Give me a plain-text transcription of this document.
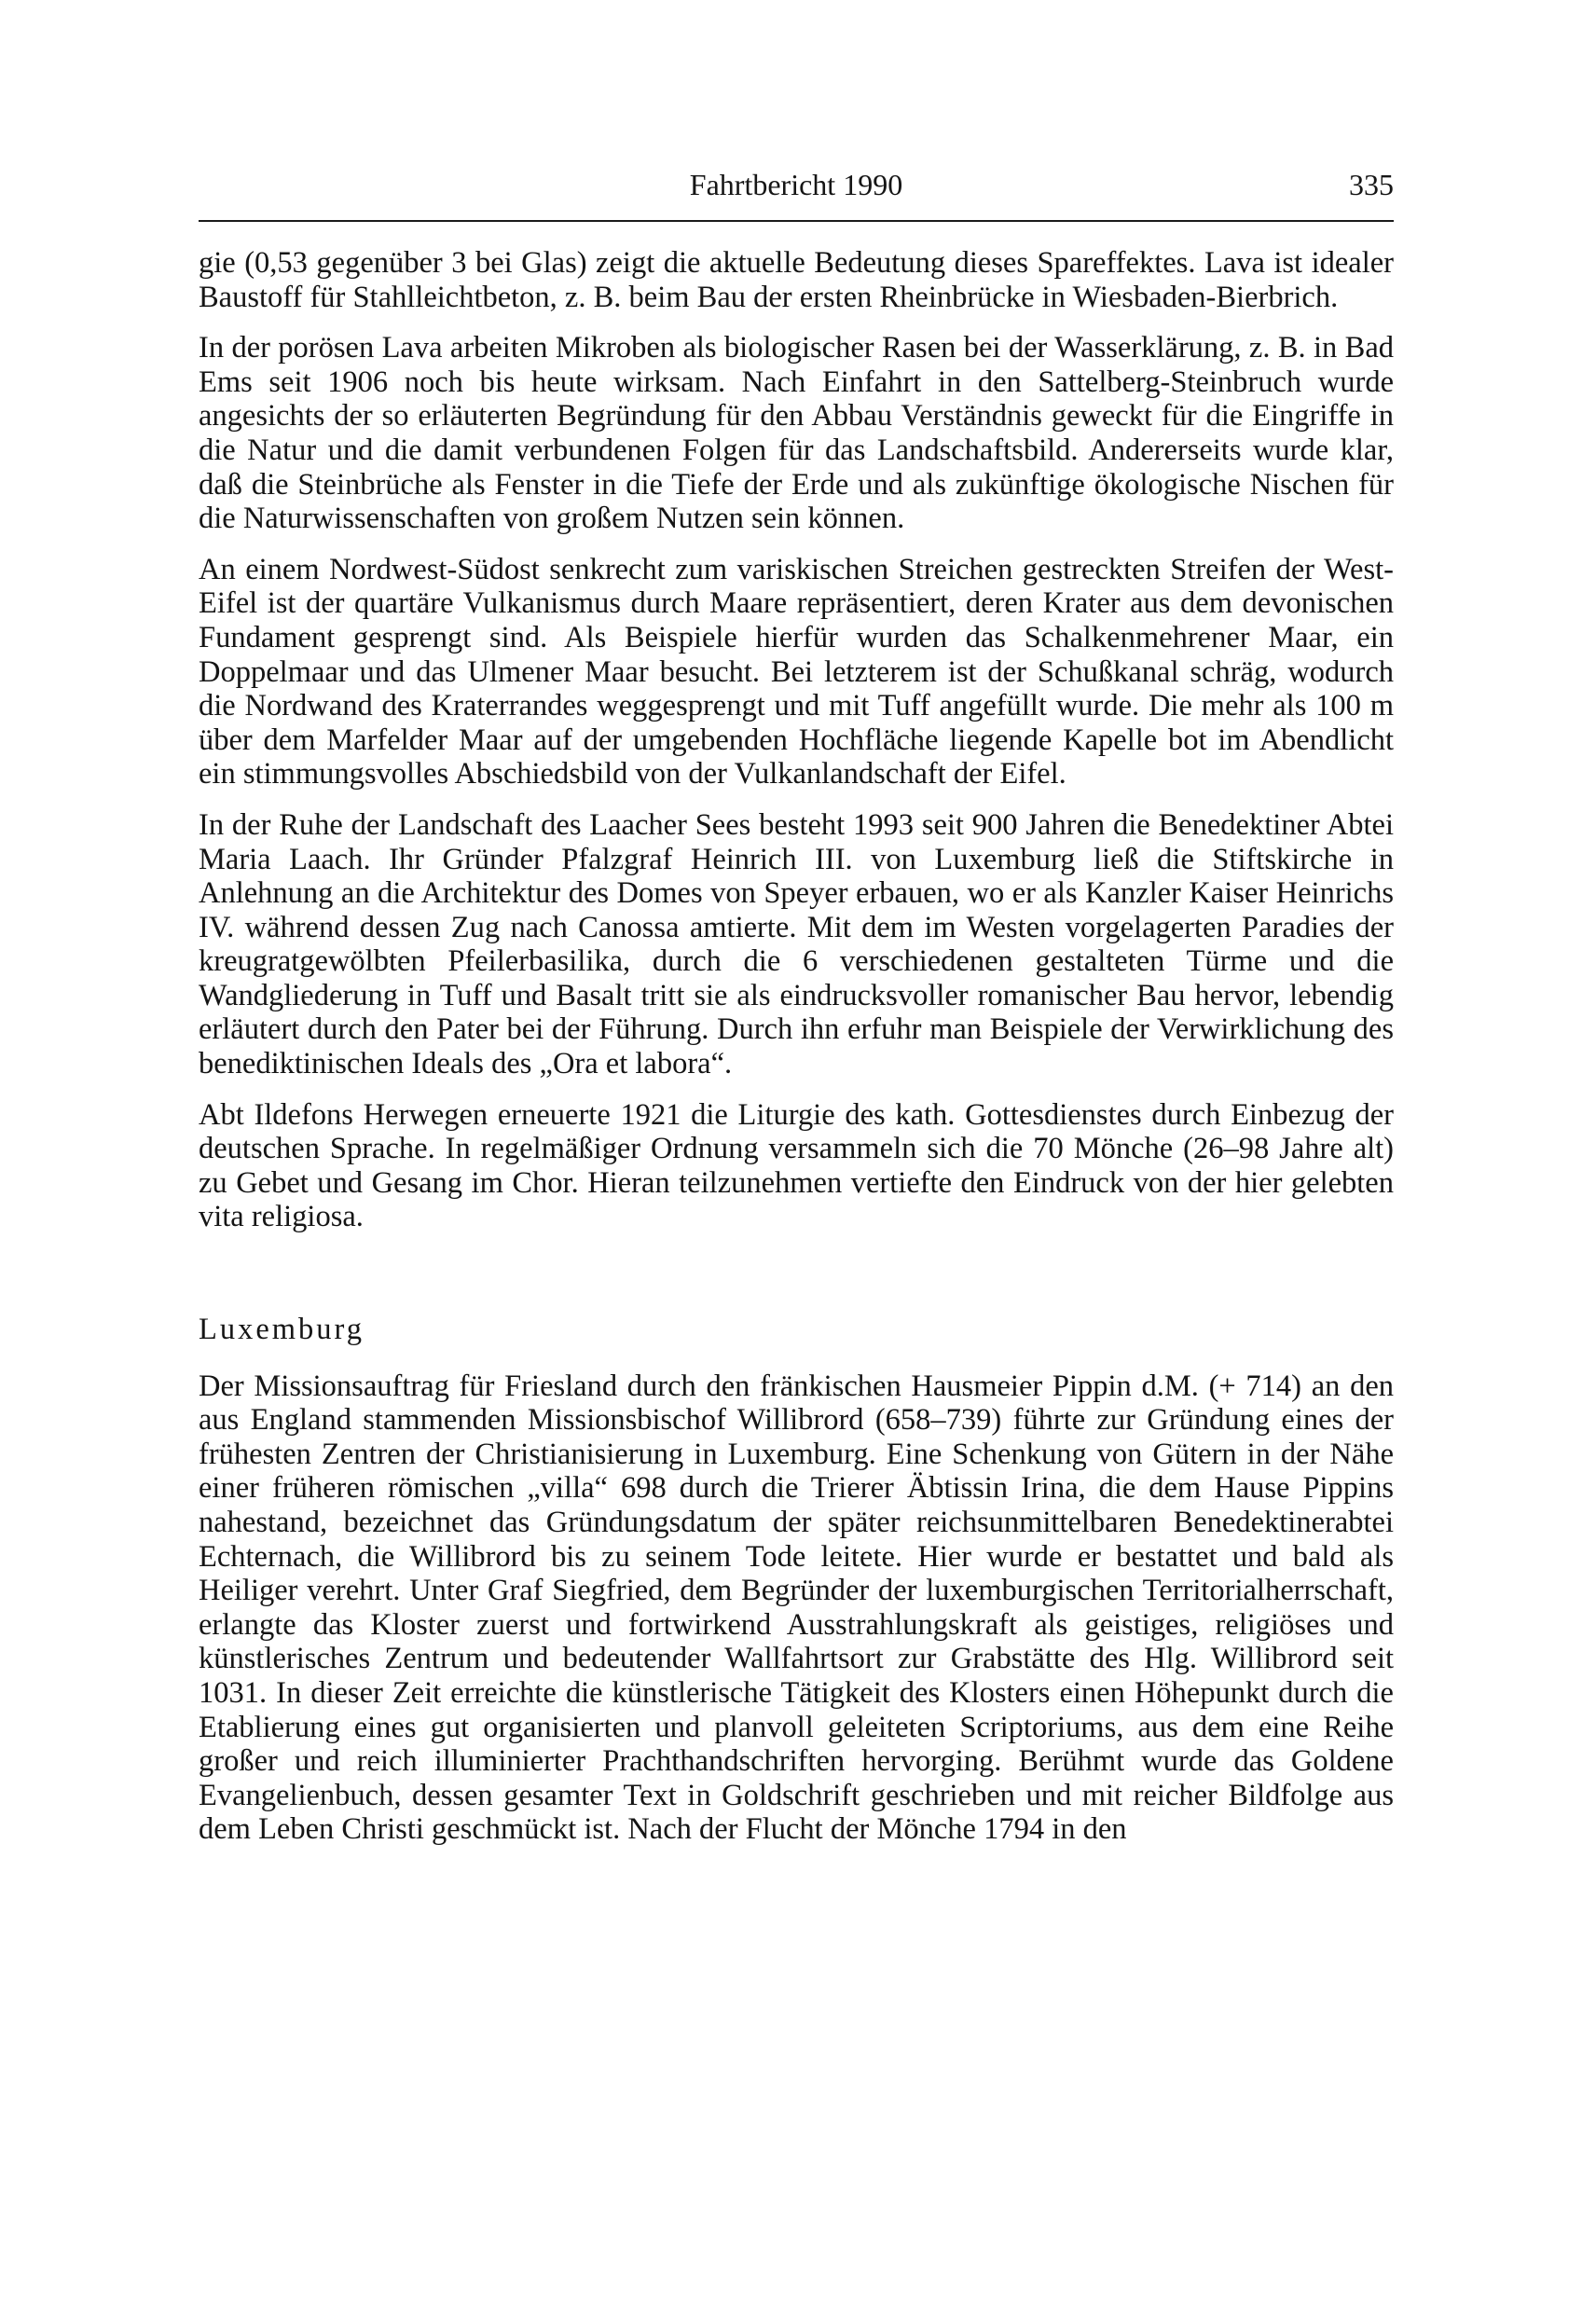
Fahrtbericht 1990	335

gie (0,53 gegenüber 3 bei Glas) zeigt die aktuelle Bedeutung dieses Spareffektes. Lava ist idealer Baustoff für Stahlleichtbeton, z. B. beim Bau der ersten Rheinbrücke in Wiesbaden-Bierbrich.

In der porösen Lava arbeiten Mikroben als biologischer Rasen bei der Wasserklärung, z. B. in Bad Ems seit 1906 noch bis heute wirksam. Nach Einfahrt in den Sattelberg-Steinbruch wurde angesichts der so erläuterten Begründung für den Abbau Verständnis geweckt für die Eingriffe in die Natur und die damit verbundenen Folgen für das Landschaftsbild. Andererseits wurde klar, daß die Steinbrüche als Fenster in die Tiefe der Erde und als zukünftige ökologische Nischen für die Naturwissenschaften von großem Nutzen sein können.

An einem Nordwest-Südost senkrecht zum variskischen Streichen gestreckten Streifen der West-Eifel ist der quartäre Vulkanismus durch Maare repräsentiert, deren Krater aus dem devonischen Fundament gesprengt sind. Als Beispiele hierfür wurden das Schalkenmehrener Maar, ein Doppelmaar und das Ulmener Maar besucht. Bei letzterem ist der Schußkanal schräg, wodurch die Nordwand des Kraterrandes weggesprengt und mit Tuff angefüllt wurde. Die mehr als 100 m über dem Marfelder Maar auf der umgebenden Hochfläche liegende Kapelle bot im Abendlicht ein stimmungsvolles Abschiedsbild von der Vulkanlandschaft der Eifel.

In der Ruhe der Landschaft des Laacher Sees besteht 1993 seit 900 Jahren die Benedektiner Abtei Maria Laach. Ihr Gründer Pfalzgraf Heinrich III. von Luxemburg ließ die Stiftskirche in Anlehnung an die Architektur des Domes von Speyer erbauen, wo er als Kanzler Kaiser Heinrichs IV. während dessen Zug nach Canossa amtierte. Mit dem im Westen vorgelagerten Paradies der kreugratgewölbten Pfeilerbasilika, durch die 6 verschiedenen gestalteten Türme und die Wandgliederung in Tuff und Basalt tritt sie als eindrucksvoller romanischer Bau hervor, lebendig erläutert durch den Pater bei der Führung. Durch ihn erfuhr man Beispiele der Verwirklichung des benediktinischen Ideals des „Ora et labora“.

Abt Ildefons Herwegen erneuerte 1921 die Liturgie des kath. Gottesdienstes durch Einbezug der deutschen Sprache. In regelmäßiger Ordnung versammeln sich die 70 Mönche (26–98 Jahre alt) zu Gebet und Gesang im Chor. Hieran teilzunehmen vertiefte den Eindruck von der hier gelebten vita religiosa.

Luxemburg

Der Missionsauftrag für Friesland durch den fränkischen Hausmeier Pippin d.M. (+ 714) an den aus England stammenden Missionsbischof Willibrord (658–739) führte zur Gründung eines der frühesten Zentren der Christianisierung in Luxemburg. Eine Schenkung von Gütern in der Nähe einer früheren römischen „villa“ 698 durch die Trierer Äbtissin Irina, die dem Hause Pippins nahestand, bezeichnet das Gründungsdatum der später reichsunmittelbaren Benedektinerabtei Echternach, die Willibrord bis zu seinem Tode leitete. Hier wurde er bestattet und bald als Heiliger verehrt. Unter Graf Siegfried, dem Begründer der luxemburgischen Territorialherrschaft, erlangte das Kloster zuerst und fortwirkend Ausstrahlungskraft als geistiges, religiöses und künstlerisches Zentrum und bedeutender Wallfahrtsort zur Grabstätte des Hlg. Willibrord seit 1031. In dieser Zeit erreichte die künstlerische Tätigkeit des Klosters einen Höhepunkt durch die Etablierung eines gut organisierten und planvoll geleiteten Scriptoriums, aus dem eine Reihe großer und reich illuminierter Prachthandschriften hervorging. Berühmt wurde das Goldene Evangelienbuch, dessen gesamter Text in Goldschrift geschrieben und mit reicher Bildfolge aus dem Leben Christi geschmückt ist. Nach der Flucht der Mönche 1794 in den
